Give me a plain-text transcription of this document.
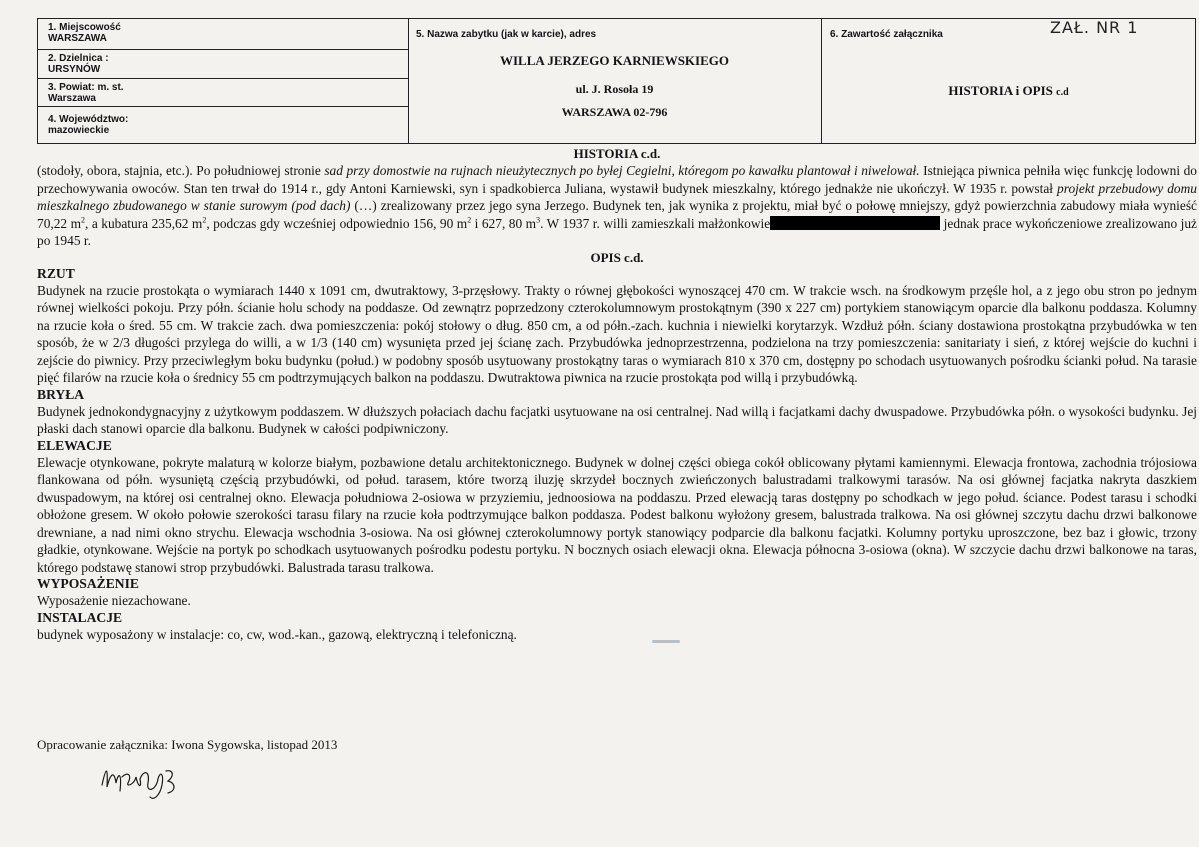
1. Miejscowość
WARSZAWA
2. Dzielnica :
URSYNÓW
3. Powiat: m. st.
Warszawa
4. Województwo:
mazowieckie
5. Nazwa zabytku (jak w karcie), adres
WILLA JERZEGO KARNIEWSKIEGO
ul. J. Rosoła 19
WARSZAWA 02-796
6. Zawartość załącznika
HISTORIA i OPIS c.d
ZAŁ. NR 1
HISTORIA c.d.

(stodoły, obora, stajnia, etc.). Po południowej stronie sad przy domostwie na rujnach nieużytecznych po byłej Cegielni, któregom po kawałku plantował i niwelował. Istniejąca piwnica pełniła więc funkcję lodowni do przechowywania owoców. Stan ten trwał do 1914 r., gdy Antoni Karniewski, syn i spadkobierca Juliana, wystawił budynek mieszkalny, którego jednakże nie ukończył. W 1935 r. powstał projekt przebudowy domu mieszkalnego zbudowanego w stanie surowym (pod dach) (…) zrealizowany przez jego syna Jerzego. Budynek ten, jak wynika z projektu, miał być o połowę mniejszy, gdyż powierzchnia zabudowy miała wynieść 70,22 $m^2$, a kubatura 235,62 $m^2$, podczas gdy wcześniej odpowiednio 156, 90 $m^2$ i 627, 80 $m^3$. W 1937 r. willi zamieszkali małżonkowie	jednak prace wykończeniowe zrealizowano już po 1945 r.

OPIS c.d.
RZUT

Budynek na rzucie prostokąta o wymiarach 1440 x 1091 cm, dwutraktowy, 3-przęsłowy. Trakty o równej głębokości wynoszącej 470 cm. W trakcie wsch. na środkowym przęśle hol, a z jego obu stron po jednym równej wielkości pokoju. Przy półn. ścianie holu schody na poddasze. Od zewnątrz poprzedzony czterokolumnowym prostokątnym (390 x 227 cm) portykiem stanowiącym oparcie dla balkonu poddasza. Kolumny na rzucie koła o śred. 55 cm. W trakcie zach. dwa pomieszczenia: pokój stołowy o dług. 850 cm, a od półn.-zach. kuchnia i niewielki korytarzyk. Wzdłuż półn. ściany dostawiona prostokątna przybudówka w ten sposób, że w 2/3 długości przylega do willi, a w 1/3 (140 cm) wysunięta przed jej ścianę zach. Przybudówka jednoprzestrzenna, podzielona na trzy pomieszczenia: sanitariaty i sień, z której wejście do kuchni i zejście do piwnicy. Przy przeciwległym boku budynku (połud.) w podobny sposób usytuowany prostokątny taras o wymiarach 810 x 370 cm, dostępny po schodach usytuowanych pośrodku ścianki połud. Na tarasie pięć filarów na rzucie koła o średnicy 55 cm podtrzymujących balkon na poddaszu. Dwutraktowa piwnica na rzucie prostokąta pod willą i przybudówką.

BRYŁA

Budynek jednokondygnacyjny z użytkowym poddaszem. W dłuższych połaciach dachu facjatki usytuowane na osi centralnej. Nad willą i facjatkami dachy dwuspadowe. Przybudówka półn. o wysokości budynku. Jej płaski dach stanowi oparcie dla balkonu. Budynek w całości podpiwniczony.

ELEWACJE

Elewacje otynkowane, pokryte malaturą w kolorze białym, pozbawione detalu architektonicznego. Budynek w dolnej części obiega cokół oblicowany płytami kamiennymi. Elewacja frontowa, zachodnia trójosiowa flankowana od półn. wysuniętą częścią przybudówki, od połud. tarasem, które tworzą iluzję skrzydeł bocznych zwieńczonych balustradami tralkowymi tarasów. Na osi głównej facjatka nakryta daszkiem dwuspadowym, na której osi centralnej okno. Elewacja południowa 2-osiowa w przyziemiu, jednoosiowa na poddaszu. Przed elewacją taras dostępny po schodkach w jego połud. ściance. Podest tarasu i schodki obłożone gresem. W około połowie szerokości tarasu filary na rzucie koła podtrzymujące balkon poddasza. Podest balkonu wyłożony gresem, balustrada tralkowa. Na osi głównej szczytu dachu drzwi balkonowe drewniane, a nad nimi okno strychu. Elewacja wschodnia 3-osiowa. Na osi głównej czterokolumnowy portyk stanowiący podparcie dla balkonu facjatki. Kolumny portyku uproszczone, bez baz i głowic, trzony gładkie, otynkowane. Wejście na portyk po schodkach usytuowanych pośrodku podestu portyku. N bocznych osiach elewacji okna. Elewacja północna 3-osiowa (okna). W szczycie dachu drzwi balkonowe na taras, którego podstawę stanowi strop przybudówki. Balustrada tarasu tralkowa.

WYPOSAŻENIE

Wyposażenie niezachowane.

INSTALACJE

budynek wyposażony w instalacje: co, cw, wod.-kan., gazową, elektryczną i telefoniczną.

Opracowanie załącznika: Iwona Sygowska, listopad 2013
